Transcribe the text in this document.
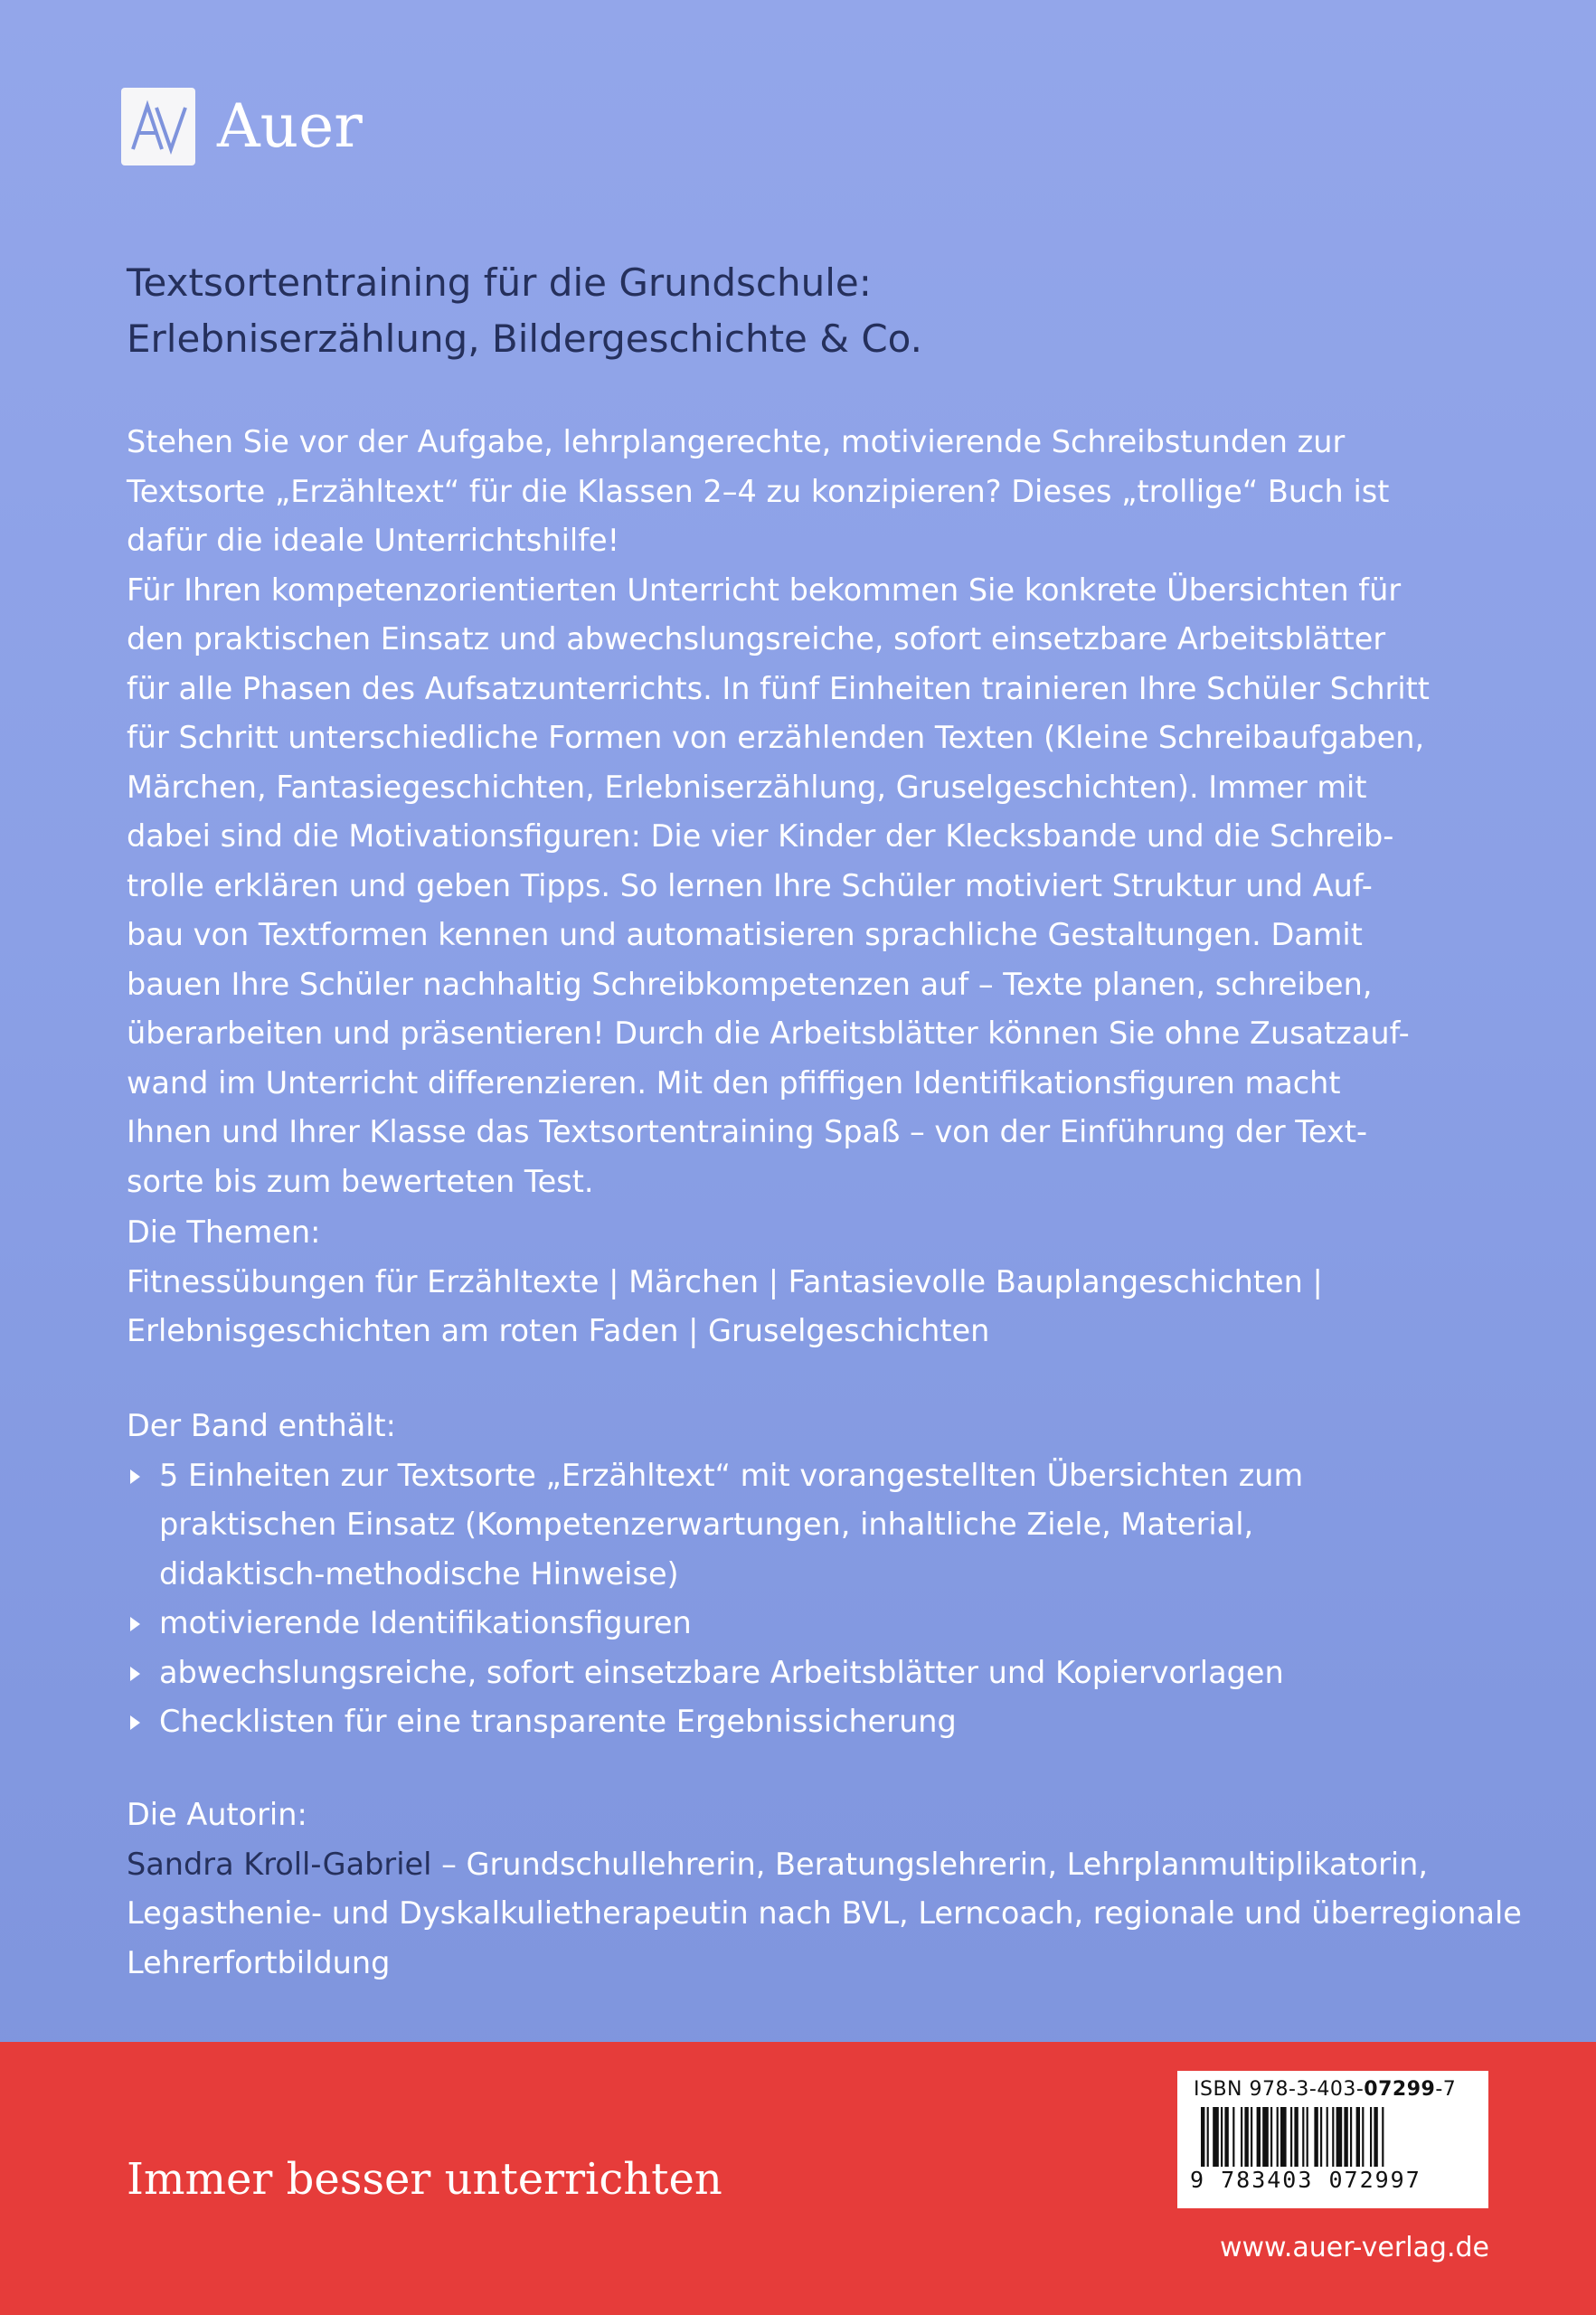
Auer
Textsortentraining für die Grundschule:
Erlebniserzählung, Bildergeschichte & Co.
Stehen Sie vor der Aufgabe, lehrplangerechte, motivierende Schreibstunden zur
Textsorte „Erzähltext“ für die Klassen 2–4 zu konzipieren? Dieses „trollige“ Buch ist
dafür die ideale Unterrichtshilfe!
Für Ihren kompetenzorientierten Unterricht bekommen Sie konkrete Übersichten für
den praktischen Einsatz und abwechslungsreiche, sofort einsetzbare Arbeitsblätter
für alle Phasen des Aufsatzunterrichts. In fünf Einheiten trainieren Ihre Schüler Schritt
für Schritt unterschiedliche Formen von erzählenden Texten (Kleine Schreibaufgaben,
Märchen, Fantasiegeschichten, Erlebniserzählung, Gruselgeschichten). Immer mit
dabei sind die Motivationsfiguren: Die vier Kinder der Klecksbande und die Schreib-
trolle erklären und geben Tipps. So lernen Ihre Schüler motiviert Struktur und Auf-
bau von Textformen kennen und automatisieren sprachliche Gestaltungen. Damit
bauen Ihre Schüler nachhaltig Schreibkompetenzen auf – Texte planen, schreiben,
überarbeiten und präsentieren! Durch die Arbeitsblätter können Sie ohne Zusatzauf-
wand im Unterricht differenzieren. Mit den pfiffigen Identifikationsfiguren macht
Ihnen und Ihrer Klasse das Textsortentraining Spaß – von der Einführung der Text-
sorte bis zum bewerteten Test.
Die Themen:
Fitnessübungen für Erzähltexte | Märchen | Fantasievolle Bauplangeschichten |
Erlebnisgeschichten am roten Faden | Gruselgeschichten
Der Band enthält:
5 Einheiten zur Textsorte „Erzähltext“ mit vorangestellten Übersichten zum
praktischen Einsatz (Kompetenzerwartungen, inhaltliche Ziele, Material,
didaktisch-methodische Hinweise)
motivierende Identifikationsfiguren
abwechslungsreiche, sofort einsetzbare Arbeitsblätter und Kopiervorlagen
Checklisten für eine transparente Ergebnissicherung
Die Autorin:
Sandra Kroll-Gabriel – Grundschullehrerin, Beratungslehrerin, Lehrplanmultiplikatorin,
Legasthenie- und Dyskalkulietherapeutin nach BVL, Lerncoach, regionale und überregionale
Lehrerfortbildung
Immer besser unterrichten
ISBN 978-3-403-07299-7
9 783403 072997
www.auer-verlag.de
